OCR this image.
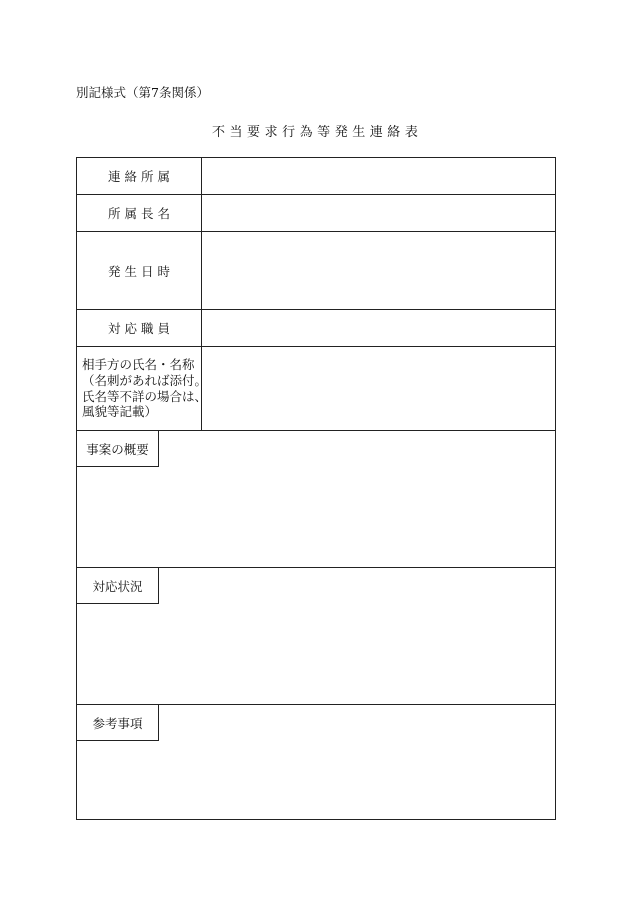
別記様式（第7条関係）
不 当 要 求 行 為 等 発 生 連 絡 表
連 絡 所 属
所 属 長 名
発 生 日 時
対 応 職 員
相手方の氏名・名称
（名刺があれば添付。
氏名等不詳の場合は、
風貌等記載）
事案の概要
対応状況
参考事項
